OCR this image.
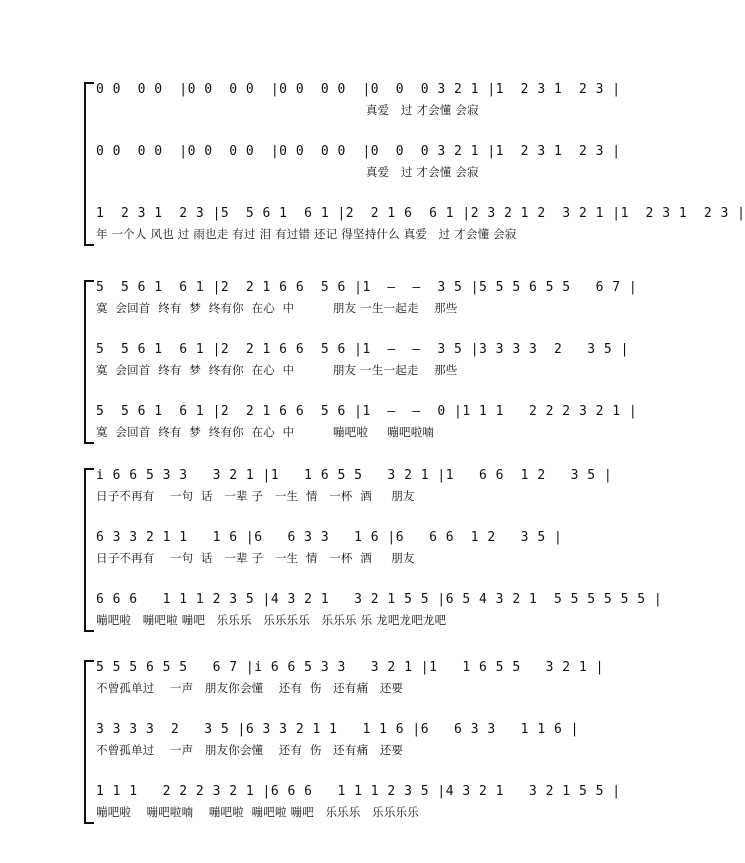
0 0  0 0  |0 0  0 0  |0 0  0 0  |0  0  0 3 2 1 |1  2 3 1  2 3 |
真爱   过 才会懂 会寂
0 0  0 0  |0 0  0 0  |0 0  0 0  |0  0  0 3 2 1 |1  2 3 1  2 3 |
真爱   过 才会懂 会寂
1  2 3 1  2 3 |5  5 6 1  6 1 |2  2 1 6  6 1 |2 3 2 1 2  3 2 1 |1  2 3 1  2 3 |
年 一个人 风也 过 雨也走 有过 泪 有过错 还记 得坚持什么 真爱   过 才会懂 会寂
5  5 6 1  6 1 |2  2 1 6 6  5 6 |1  —  —  3 5 |5 5 5 6 5 5   6 7 |
寞  会回首  终有  梦  终有你  在心  中          朋友 一生一起走    那些
5  5 6 1  6 1 |2  2 1 6 6  5 6 |1  —  —  3 5 |3 3 3 3  2   3 5 |
寞  会回首  终有  梦  终有你  在心  中          朋友 一生一起走    那些
5  5 6 1  6 1 |2  2 1 6 6  5 6 |1  —  —  0 |1 1 1   2 2 2 3 2 1 |
寞  会回首  终有  梦  终有你  在心  中          嘣吧啦     嘣吧啦喃
i 6 6 5 3 3   3 2 1 |1   1 6 5 5   3 2 1 |1   6 6  1 2   3 5 |
日子不再有    一句  话   一辈 子   一生  情   一杯  酒     朋友
6 3 3 2 1 1   1 6 |6   6 3 3   1 6 |6   6 6  1 2   3 5 |
日子不再有    一句  话   一辈 子   一生  情   一杯  酒     朋友
6 6 6   1 1 1 2 3 5 |4 3 2 1   3 2 1 5 5 |6 5 4 3 2 1  5 5 5 5 5 5 |
嘣吧啦   嘣吧啦 嘣吧   乐乐乐   乐乐乐乐   乐乐乐 乐 龙吧龙吧龙吧
5 5 5 6 5 5   6 7 |i 6 6 5 3 3   3 2 1 |1   1 6 5 5   3 2 1 |
不曾孤单过    一声   朋友你会懂    还有  伤   还有痛   还要
3 3 3 3  2   3 5 |6 3 3 2 1 1   1 1 6 |6   6 3 3   1 1 6 |
不曾孤单过    一声   朋友你会懂    还有  伤   还有痛   还要
1 1 1   2 2 2 3 2 1 |6 6 6   1 1 1 2 3 5 |4 3 2 1   3 2 1 5 5 |
嘣吧啦    嘣吧啦喃    嘣吧啦  嘣吧啦 嘣吧   乐乐乐   乐乐乐乐
